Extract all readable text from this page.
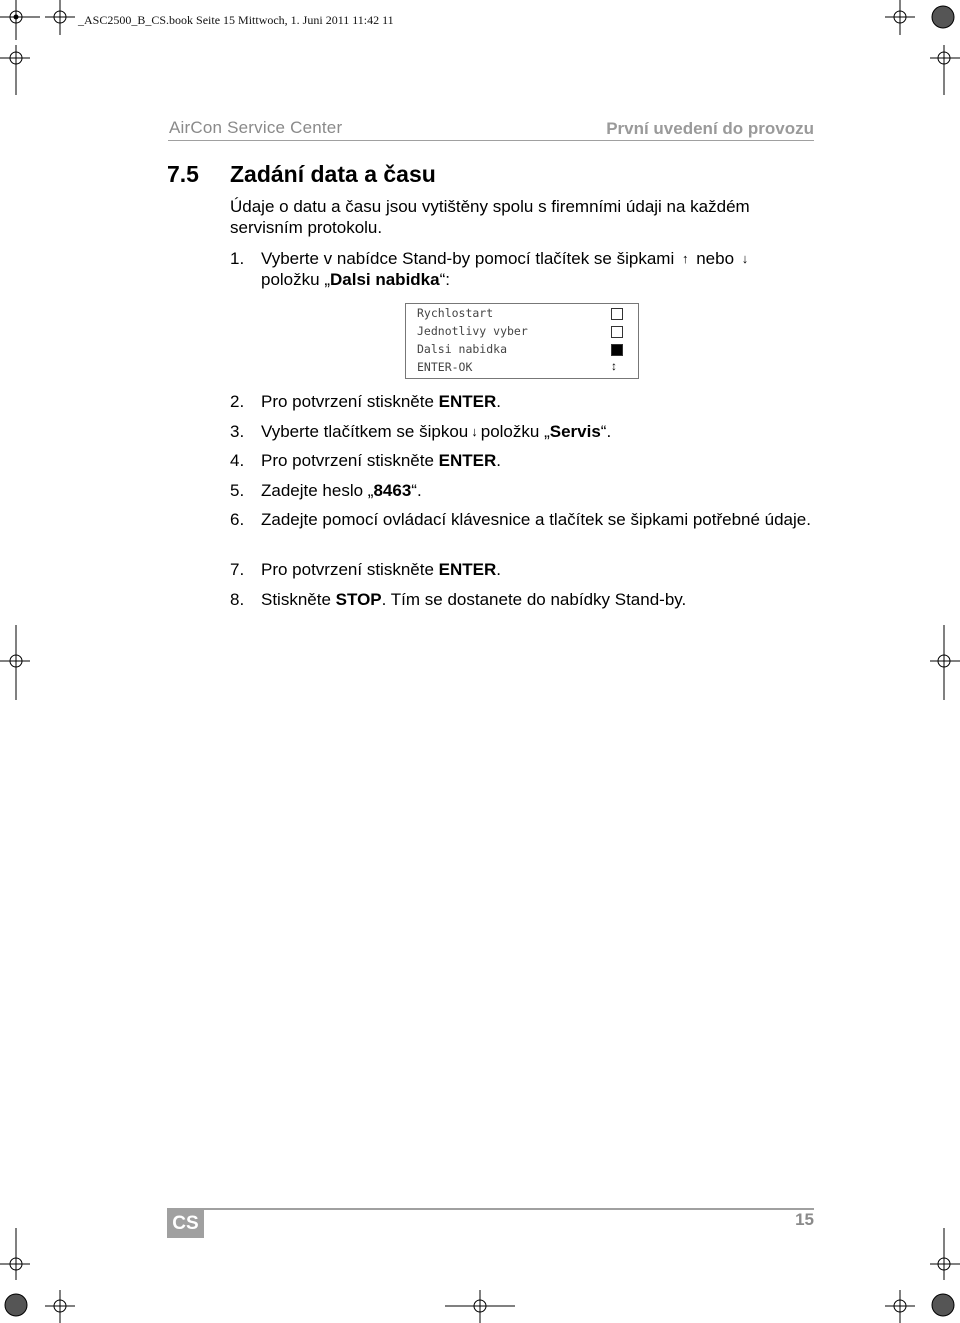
_ASC2500_B_CS.book Seite 15 Mittwoch, 1. Juni 2011 11:42 11
AirCon Service Center	První uvedení do provozu
7.5 Zadání data a času
Údaje o datu a času jsou vytištěny spolu s firemními údaji na každém servisním protokolu.
1. Vyberte v nabídce Stand-by pomocí tlačítek se šipkami ↑ nebo ↓
položku „Dalsi nabidka“:
Rychlostart
Jednotlivy vyber
Dalsi nabidka
ENTER-OK	↕
2. Pro potvrzení stiskněte ENTER.
3. Vyberte tlačítkem se šipkou ↓ položku „Servis“.
4. Pro potvrzení stiskněte ENTER.
5. Zadejte heslo „8463“.
6. Zadejte pomocí ovládací klávesnice a tlačítek se šipkami potřebné údaje.
7. Pro potvrzení stiskněte ENTER.
8. Stiskněte STOP. Tím se dostanete do nabídky Stand-by.
CS	15
